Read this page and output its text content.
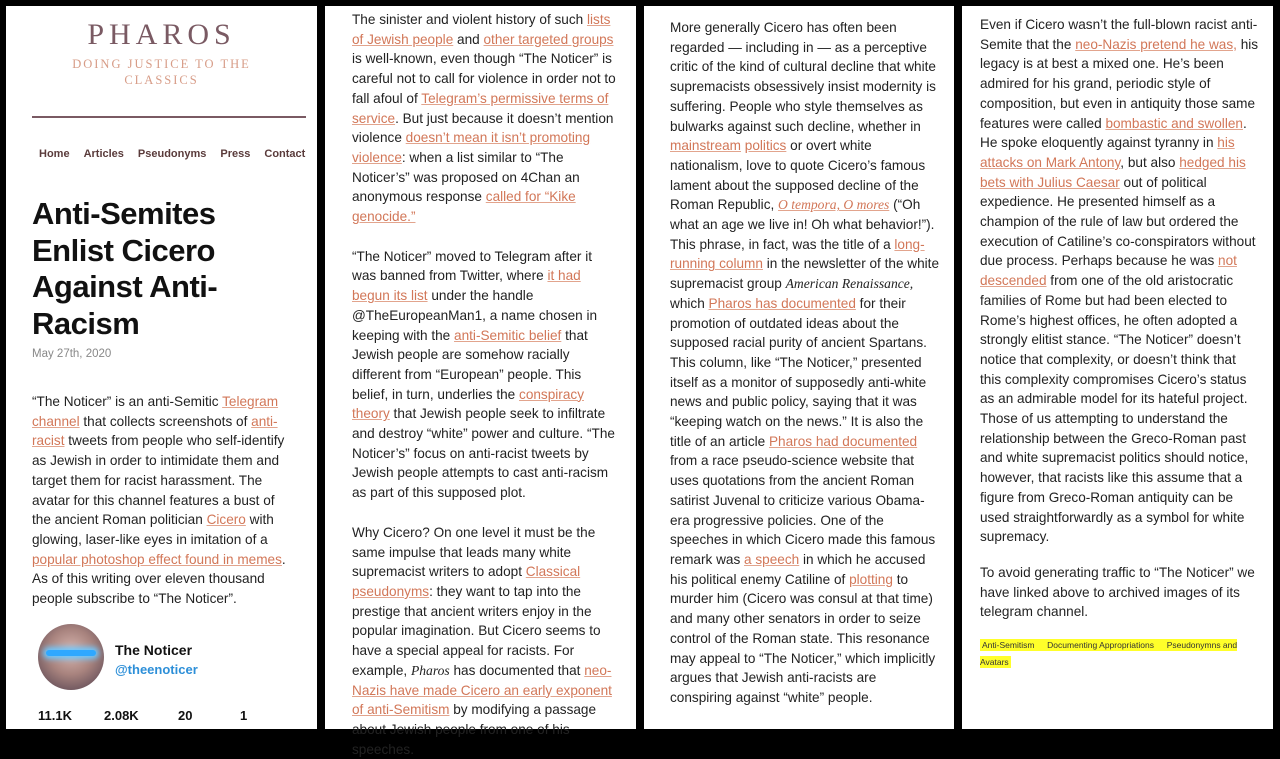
PHAROS
DOING JUSTICE TO THE
CLASSICS
Home Articles Pseudonyms Press Contact
Anti-Semites
Enlist Cicero
Against Anti-
Racism
May 27th, 2020

“The Noticer” is an anti-Semitic Telegram channel that collects screenshots of anti-racist tweets from people who self-identify as Jewish in order to intimidate them and target them for racist harassment. The avatar for this channel features a bust of the ancient Roman politician Cicero with glowing, laser-like eyes in imitation of a popular photoshop effect found in memes. As of this writing over eleven thousand people subscribe to “The Noticer”.

The Noticer
@theenoticer
11.1K	2.08K	20	1

The sinister and violent history of such lists of Jewish people and other targeted groups is well-known, even though “The Noticer” is careful not to call for violence in order not to fall afoul of Telegram’s permissive terms of service. But just because it doesn’t mention violence doesn’t mean it isn’t promoting violence: when a list similar to “The Noticer’s” was proposed on 4Chan an anonymous response called for “Kike genocide.”

“The Noticer” moved to Telegram after it was banned from Twitter, where it had begun its list under the handle @TheEuropeanMan1, a name chosen in keeping with the anti-Semitic belief that Jewish people are somehow racially different from “European” people. This belief, in turn, underlies the conspiracy theory that Jewish people seek to infiltrate and destroy “white” power and culture. “The Noticer’s” focus on anti-racist tweets by Jewish people attempts to cast anti-racism as part of this supposed plot.

Why Cicero? On one level it must be the same impulse that leads many white supremacist writers to adopt Classical pseudonyms: they want to tap into the prestige that ancient writers enjoy in the popular imagination. But Cicero seems to have a special appeal for racists. For example, Pharos has documented that neo-Nazis have made Cicero an early exponent of anti-Semitism by modifying a passage about Jewish people from one of his speeches.

More generally Cicero has often been regarded — including in — as a perceptive critic of the kind of cultural decline that white supremacists obsessively insist modernity is suffering. People who style themselves as bulwarks against such decline, whether in mainstream politics or overt white nationalism, love to quote Cicero’s famous lament about the supposed decline of the Roman Republic, O tempora, O mores (“Oh what an age we live in! Oh what behavior!”). This phrase, in fact, was the title of a long-running column in the newsletter of the white supremacist group American Renaissance, which Pharos has documented for their promotion of outdated ideas about the supposed racial purity of ancient Spartans. This column, like “The Noticer,” presented itself as a monitor of supposedly anti-white news and public policy, saying that it was “keeping watch on the news.” It is also the title of an article Pharos had documented from a race pseudo-science website that uses quotations from the ancient Roman satirist Juvenal to criticize various Obama-era progressive policies. One of the speeches in which Cicero made this famous remark was a speech in which he accused his political enemy Catiline of plotting to murder him (Cicero was consul at that time) and many other senators in order to seize control of the Roman state. This resonance may appeal to “The Noticer,” which implicitly argues that Jewish anti-racists are conspiring against “white” people.

Even if Cicero wasn’t the full-blown racist anti-Semite that the neo-Nazis pretend he was, his legacy is at best a mixed one. He’s been admired for his grand, periodic style of composition, but even in antiquity those same features were called bombastic and swollen. He spoke eloquently against tyranny in his attacks on Mark Antony, but also hedged his bets with Julius Caesar out of political expedience. He presented himself as a champion of the rule of law but ordered the execution of Catiline’s co-conspirators without due process. Perhaps because he was not descended from one of the old aristocratic families of Rome but had been elected to Rome’s highest offices, he often adopted a strongly elitist stance. “The Noticer” doesn’t notice that complexity, or doesn’t think that this complexity compromises Cicero’s status as an admirable model for its hateful project. Those of us attempting to understand the relationship between the Greco-Roman past and white supremacist politics should notice, however, that racists like this assume that a figure from Greco-Roman antiquity can be used straightforwardly as a symbol for white supremacy.

To avoid generating traffic to “The Noticer” we have linked above to archived images of its telegram channel.

Anti-Semitism Documenting Appropriations Pseudonymns and Avatars
